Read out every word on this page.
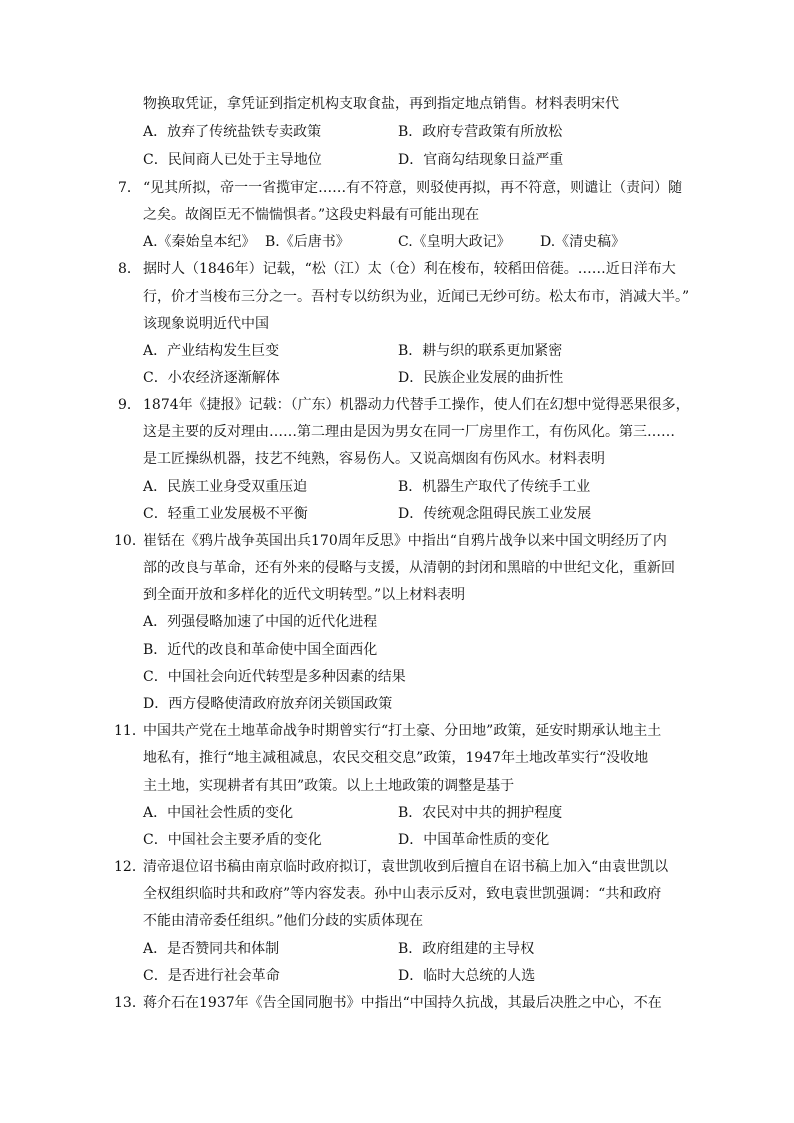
物换取凭证，拿凭证到指定机构支取食盐，再到指定地点销售。材料表明宋代
A．放弃了传统盐铁专卖政策	B．政府专营政策有所放松
C．民间商人已处于主导地位	D．官商勾结现象日益严重
7． “见其所拟，帝一一省揽审定……有不符意，则驳使再拟，再不符意，则谴让（责问）随
之矣。故阁臣无不惴惴惧者。”这段史料最有可能出现在
A.《秦始皇本纪》 B.《后唐书》	C.《皇明大政记》 D.《清史稿》
8． 据时人（1846年）记载，“松（江）太（仓）利在梭布，较稻田倍蓰。……近日洋布大
行，价才当梭布三分之一。吾村专以纺织为业，近闻已无纱可纺。松太布市，消减大半。”
该现象说明近代中国
A．产业结构发生巨变	B．耕与织的联系更加紧密
C．小农经济逐渐解体	D．民族企业发展的曲折性
9． 1874年《捷报》记载：（广东）机器动力代替手工操作，使人们在幻想中觉得恶果很多，
这是主要的反对理由……第二理由是因为男女在同一厂房里作工，有伤风化。第三……
是工匠操纵机器，技艺不纯熟，容易伤人。又说高烟囱有伤风水。材料表明
A．民族工业身受双重压迫	B．机器生产取代了传统手工业
C．轻重工业发展极不平衡	D．传统观念阻碍民族工业发展
10．
崔铦在《鸦片战争英国出兵170周年反思》中指出“自鸦片战争以来中国文明经历了内
部的改良与革命，还有外来的侵略与支援，从清朝的封闭和黑暗的中世纪文化，重新回
到全面开放和多样化的近代文明转型。”以上材料表明
A．列强侵略加速了中国的近代化进程
B．近代的改良和革命使中国全面西化
C．中国社会向近代转型是多种因素的结果
D．西方侵略使清政府放弃闭关锁国政策
11．
中国共产党在土地革命战争时期曾实行“打土豪、分田地”政策，延安时期承认地主土
地私有，推行“地主减租减息，农民交租交息”政策，1947年土地改革实行“没收地
主土地，实现耕者有其田”政策。以上土地政策的调整是基于
A．中国社会性质的变化	B．农民对中共的拥护程度
C．中国社会主要矛盾的变化	D．中国革命性质的变化
12．
清帝退位诏书稿由南京临时政府拟订，袁世凯收到后擅自在诏书稿上加入“由袁世凯以
全权组织临时共和政府”等内容发表。孙中山表示反对，致电袁世凯强调：“共和政府
不能由清帝委任组织。”他们分歧的实质体现在
A．是否赞同共和体制	B．政府组建的主导权
C．是否进行社会革命	D．临时大总统的人选
13．
蒋介石在1937年《告全国同胞书》中指出“中国持久抗战，其最后决胜之中心，不在
